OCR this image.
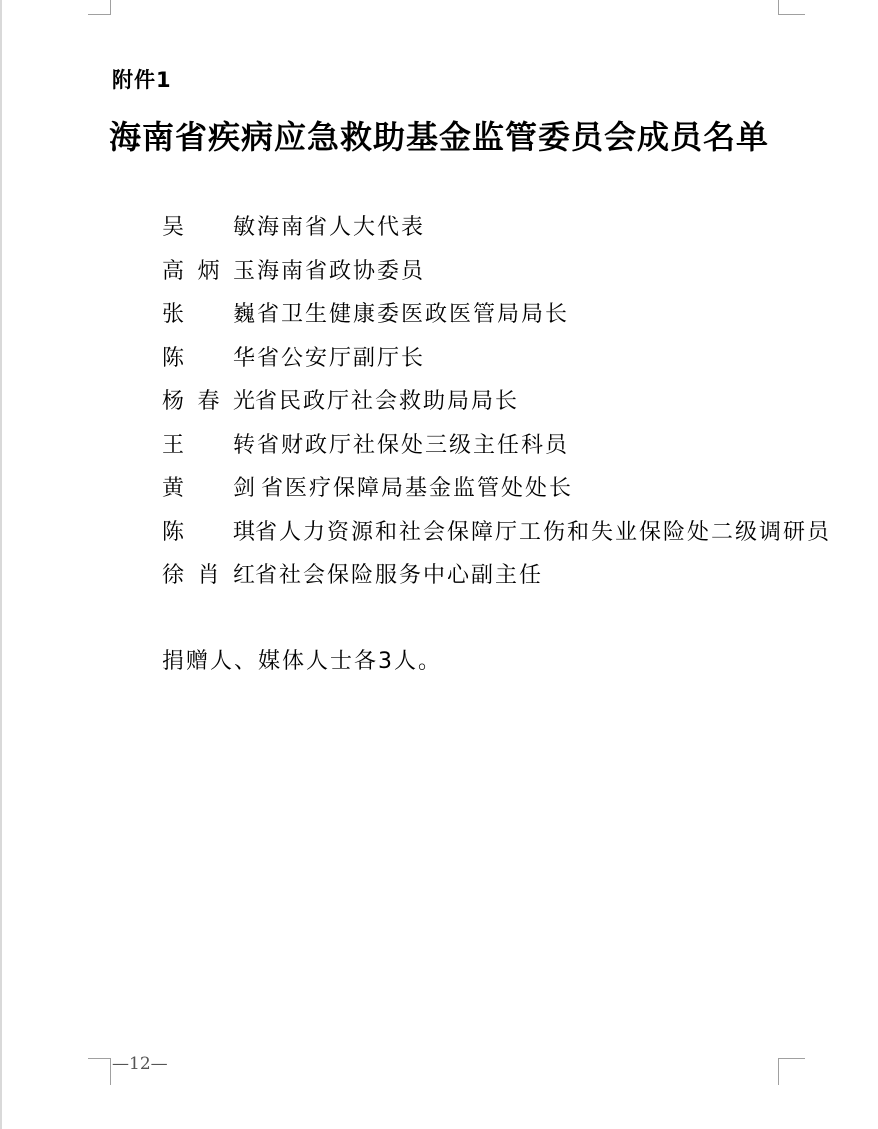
附件1
海南省疾病应急救助基金监管委员会成员名单
吴 敏 海南省人大代表
高炳玉 海南省政协委员
张 巍 省卫生健康委医政医管局局长
陈 华 省公安厅副厅长
杨春光
省民政厅社会救助局局长
王 转 省财政厅社保处三级主任科员
黄 剑 省医疗保障局基金监管处处长
陈 琪
省人力资源和社会保障厅工伤和失业保险处二级调研员
徐肖红
省社会保险服务中心副主任
捐赠人、媒体人士各3人。
—12—
